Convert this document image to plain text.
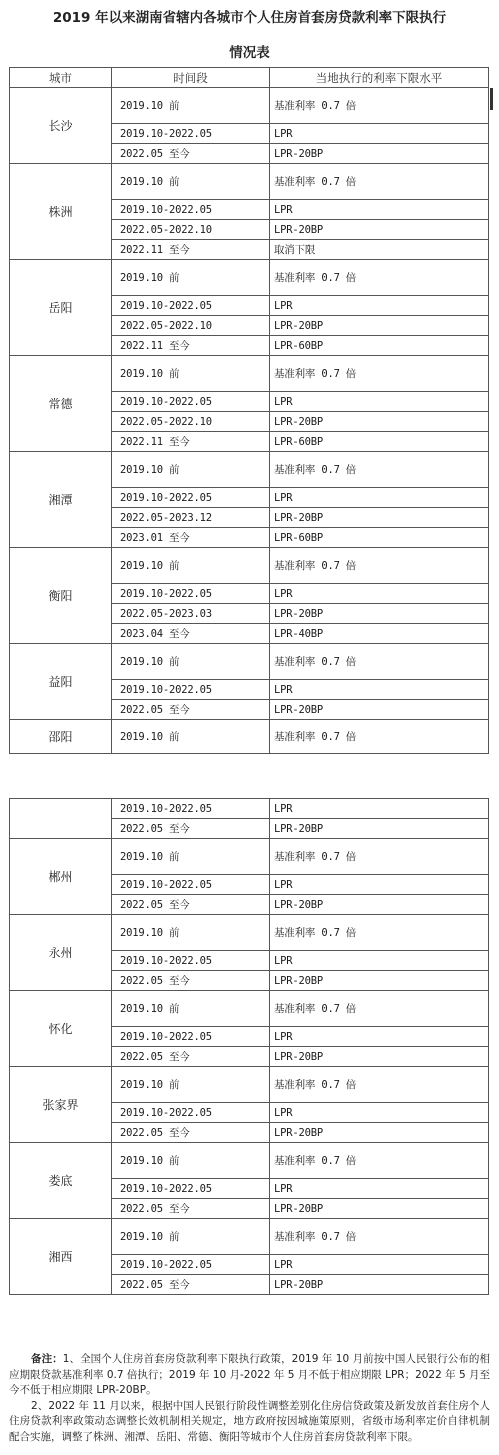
2019 年以来湖南省辖内各城市个人住房首套房贷款利率下限执行
情况表
城市	时间段	当地执行的利率下限水平
长沙	2019.10 前	基准利率 0.7 倍
	2019.10-2022.05	LPR
	2022.05 至今	LPR-20BP
株洲	2019.10 前	基准利率 0.7 倍
	2019.10-2022.05	LPR
	2022.05-2022.10	LPR-20BP
	2022.11 至今	取消下限
岳阳	2019.10 前	基准利率 0.7 倍
	2019.10-2022.05	LPR
	2022.05-2022.10	LPR-20BP
	2022.11 至今	LPR-60BP
常德	2019.10 前	基准利率 0.7 倍
	2019.10-2022.05	LPR
	2022.05-2022.10	LPR-20BP
	2022.11 至今	LPR-60BP
湘潭	2019.10 前	基准利率 0.7 倍
	2019.10-2022.05	LPR
	2022.05-2023.12	LPR-20BP
	2023.01 至今	LPR-60BP
衡阳	2019.10 前	基准利率 0.7 倍
	2019.10-2022.05	LPR
	2022.05-2023.03	LPR-20BP
	2023.04 至今	LPR-40BP
益阳	2019.10 前	基准利率 0.7 倍
	2019.10-2022.05	LPR
	2022.05 至今	LPR-20BP
邵阳	2019.10 前	基准利率 0.7 倍
	2019.10-2022.05	LPR
	2022.05 至今	LPR-20BP
郴州	2019.10 前	基准利率 0.7 倍
	2019.10-2022.05	LPR
	2022.05 至今	LPR-20BP
永州	2019.10 前	基准利率 0.7 倍
	2019.10-2022.05	LPR
	2022.05 至今	LPR-20BP
怀化	2019.10 前	基准利率 0.7 倍
	2019.10-2022.05	LPR
	2022.05 至今	LPR-20BP
张家界	2019.10 前	基准利率 0.7 倍
	2019.10-2022.05	LPR
	2022.05 至今	LPR-20BP
娄底	2019.10 前	基准利率 0.7 倍
	2019.10-2022.05	LPR
	2022.05 至今	LPR-20BP
湘西	2019.10 前	基准利率 0.7 倍
	2019.10-2022.05	LPR
	2022.05 至今	LPR-20BP

备注：1、全国个人住房首套房贷款利率下限执行政策，2019 年 10 月前按中国人民银行公布的相应期限贷款基准利率 0.7 倍执行；2019 年 10 月-2022 年 5 月不低于相应期限 LPR；2022 年 5 月至今不低于相应期限 LPR-20BP。

2、2022 年 11 月以来，根据中国人民银行阶段性调整差别化住房信贷政策及新发放首套住房个人住房贷款利率政策动态调整长效机制相关规定，地方政府按因城施策原则，省级市场利率定价自律机制配合实施，调整了株洲、湘潭、岳阳、常德、衡阳等城市个人住房首套房贷款利率下限。
